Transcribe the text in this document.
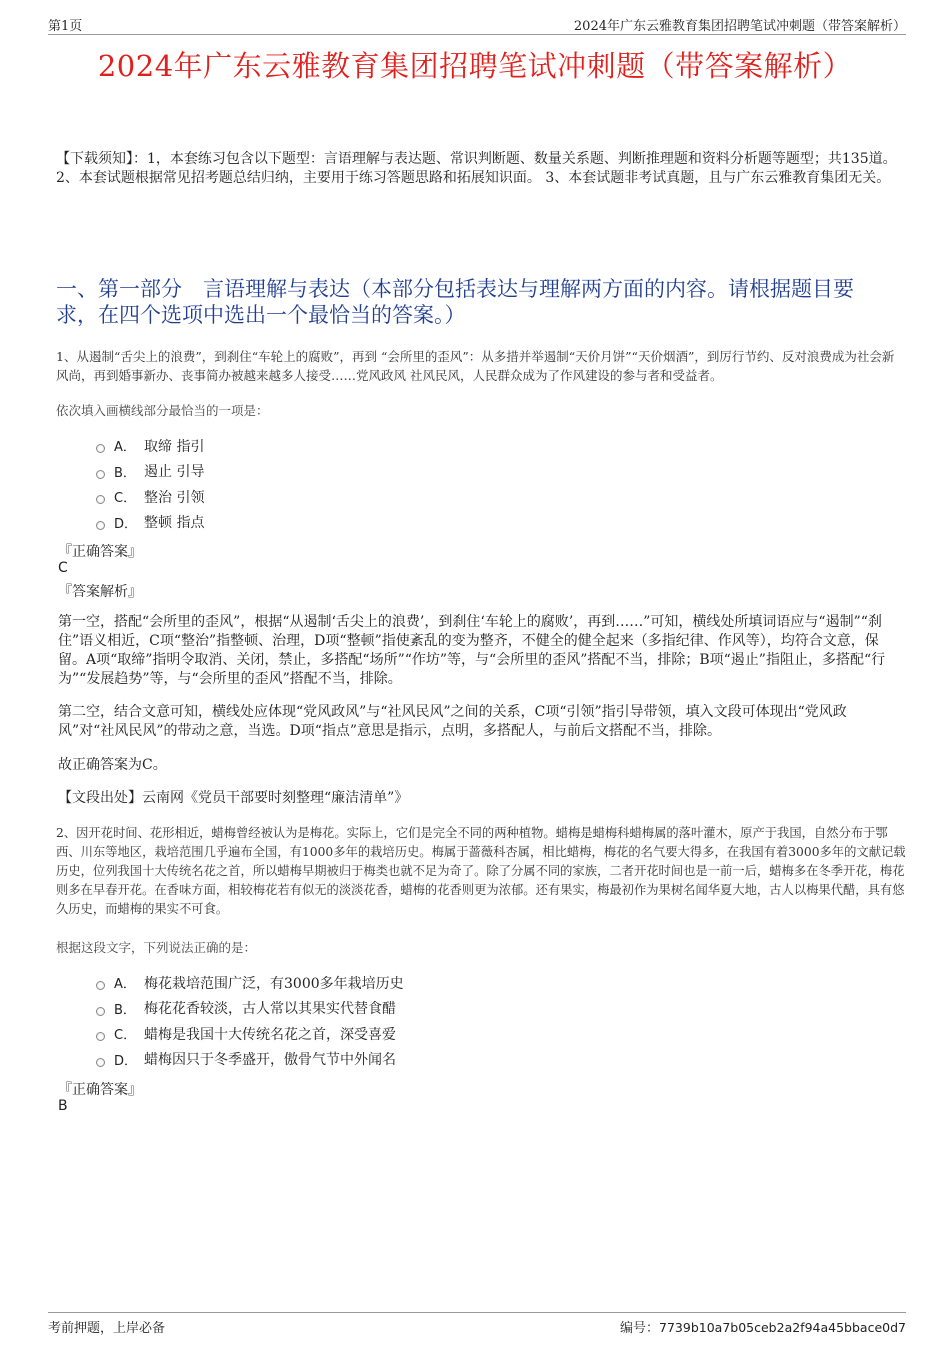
第1页	2024年广东云雅教育集团招聘笔试冲刺题（带答案解析）
2024年广东云雅教育集团招聘笔试冲刺题（带答案解析）
【下载须知】：1，本套练习包含以下题型：言语理解与表达题、常识判断题、数量关系题、判断推理题和资料分析题等题型；共135道。 2、本套试题根据常见招考题总结归纳，主要用于练习答题思路和拓展知识面。 3、本套试题非考试真题，且与广东云雅教育集团无关。
一、第一部分　言语理解与表达（本部分包括表达与理解两方面的内容。请根据题目要求，在四个选项中选出一个最恰当的答案。）
1、从遏制“舌尖上的浪费”，到刹住“车轮上的腐败”，再到 “会所里的歪风”：从多措并举遏制“天价月饼”“天价烟酒”，到厉行节约、反对浪费成为社会新风尚，再到婚事新办、丧事简办被越来越多人接受……党风政风 社风民风，人民群众成为了作风建设的参与者和受益者。
依次填入画横线部分最恰当的一项是：
A． 取缔 指引
B． 遏止 引导
C． 整治 引领
D． 整顿 指点
『正确答案』
C
『答案解析』
第一空，搭配“会所里的歪风”，根据“从遏制‘舌尖上的浪费’，到刹住‘车轮上的腐败’，再到……”可知，横线处所填词语应与“遏制”“刹住”语义相近，C项“整治”指整顿、治理，D项“整顿”指使紊乱的变为整齐，不健全的健全起来（多指纪律、作风等），均符合文意，保留。A项“取缔”指明令取消、关闭，禁止，多搭配“场所”“作坊”等，与“会所里的歪风”搭配不当，排除；B项“遏止”指阻止，多搭配“行为”“发展趋势”等，与“会所里的歪风”搭配不当，排除。
第二空，结合文意可知，横线处应体现“党风政风”与“社风民风”之间的关系，C项“引领”指引导带领，填入文段可体现出“党风政风”对“社风民风”的带动之意，当选。D项“指点”意思是指示，点明，多搭配人，与前后文搭配不当，排除。
故正确答案为C。
【文段出处】云南网《党员干部要时刻整理“廉洁清单”》
2、因开花时间、花形相近，蜡梅曾经被认为是梅花。实际上，它们是完全不同的两种植物。蜡梅是蜡梅科蜡梅属的落叶灌木，原产于我国，自然分布于鄂西、川东等地区，栽培范围几乎遍布全国，有1000多年的栽培历史。梅属于蔷薇科杏属，相比蜡梅，梅花的名气要大得多，在我国有着3000多年的文献记载历史，位列我国十大传统名花之首，所以蜡梅早期被归于梅类也就不足为奇了。除了分属不同的家族，二者开花时间也是一前一后，蜡梅多在冬季开花，梅花则多在早春开花。在香味方面，相较梅花若有似无的淡淡花香，蜡梅的花香则更为浓郁。还有果实，梅最初作为果树名闻华夏大地，古人以梅果代醋，具有悠久历史，而蜡梅的果实不可食。
根据这段文字，下列说法正确的是：
A． 梅花栽培范围广泛，有3000多年栽培历史
B． 梅花花香较淡，古人常以其果实代替食醋
C． 蜡梅是我国十大传统名花之首，深受喜爱
D． 蜡梅因只于冬季盛开，傲骨气节中外闻名
『正确答案』
B
考前押题，上岸必备	编号：7739b10a7b05ceb2a2f94a45bbace0d7
